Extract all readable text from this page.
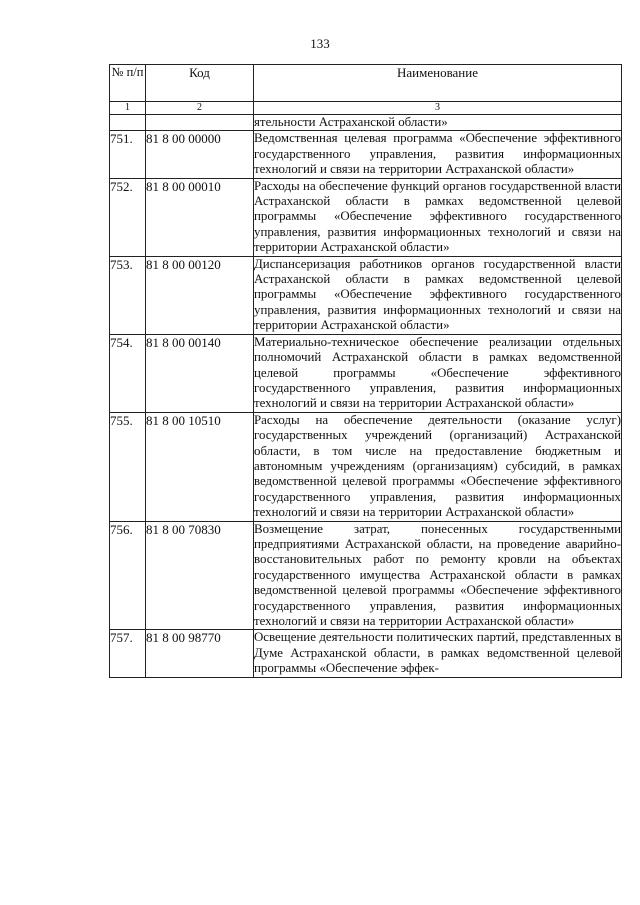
133
№ п/п	Код	Наименование
1	2	3
		ятельности Астраханской области»
751.	81 8 00 00000	Ведомственная целевая программа «Обеспечение эффективного государственного управления, развития информационных технологий и связи на территории Астраханской области»
752.	81 8 00 00010	Расходы на обеспечение функций органов государственной власти Астраханской области в рамках ведомственной целевой программы «Обеспечение эффективного государственного управления, развития информационных технологий и связи на территории Астраханской области»
753.	81 8 00 00120	Диспансеризация работников органов государственной власти Астраханской области в рамках ведомственной целевой программы «Обеспечение эффективного государственного управления, развития информационных технологий и связи на территории Астраханской области»
754.	81 8 00 00140	Материально-техническое обеспечение реализации отдельных полномочий Астраханской области в рамках ведомственной целевой программы «Обеспечение эффективного государственного управления, развития информационных технологий и связи на территории Астраханской области»
755.	81 8 00 10510	Расходы на обеспечение деятельности (оказание услуг) государственных учреждений (организаций) Астраханской области, в том числе на предоставление бюджетным и автономным учреждениям (организациям) субсидий, в рамках ведомственной целевой программы «Обеспечение эффективного государственного управления, развития информационных технологий и связи на территории Астраханской области»
756.	81 8 00 70830	Возмещение затрат, понесенных государственными предприятиями Астраханской области, на проведение аварийно-восстановительных работ по ремонту кровли на объектах государственного имущества Астраханской области в рамках ведомственной целевой программы «Обеспечение эффективного государственного управления, развития информационных технологий и связи на территории Астраханской области»
757.	81 8 00 98770	Освещение деятельности политических партий, представленных в Думе Астраханской области, в рамках ведомственной целевой программы «Обеспечение эффек-
